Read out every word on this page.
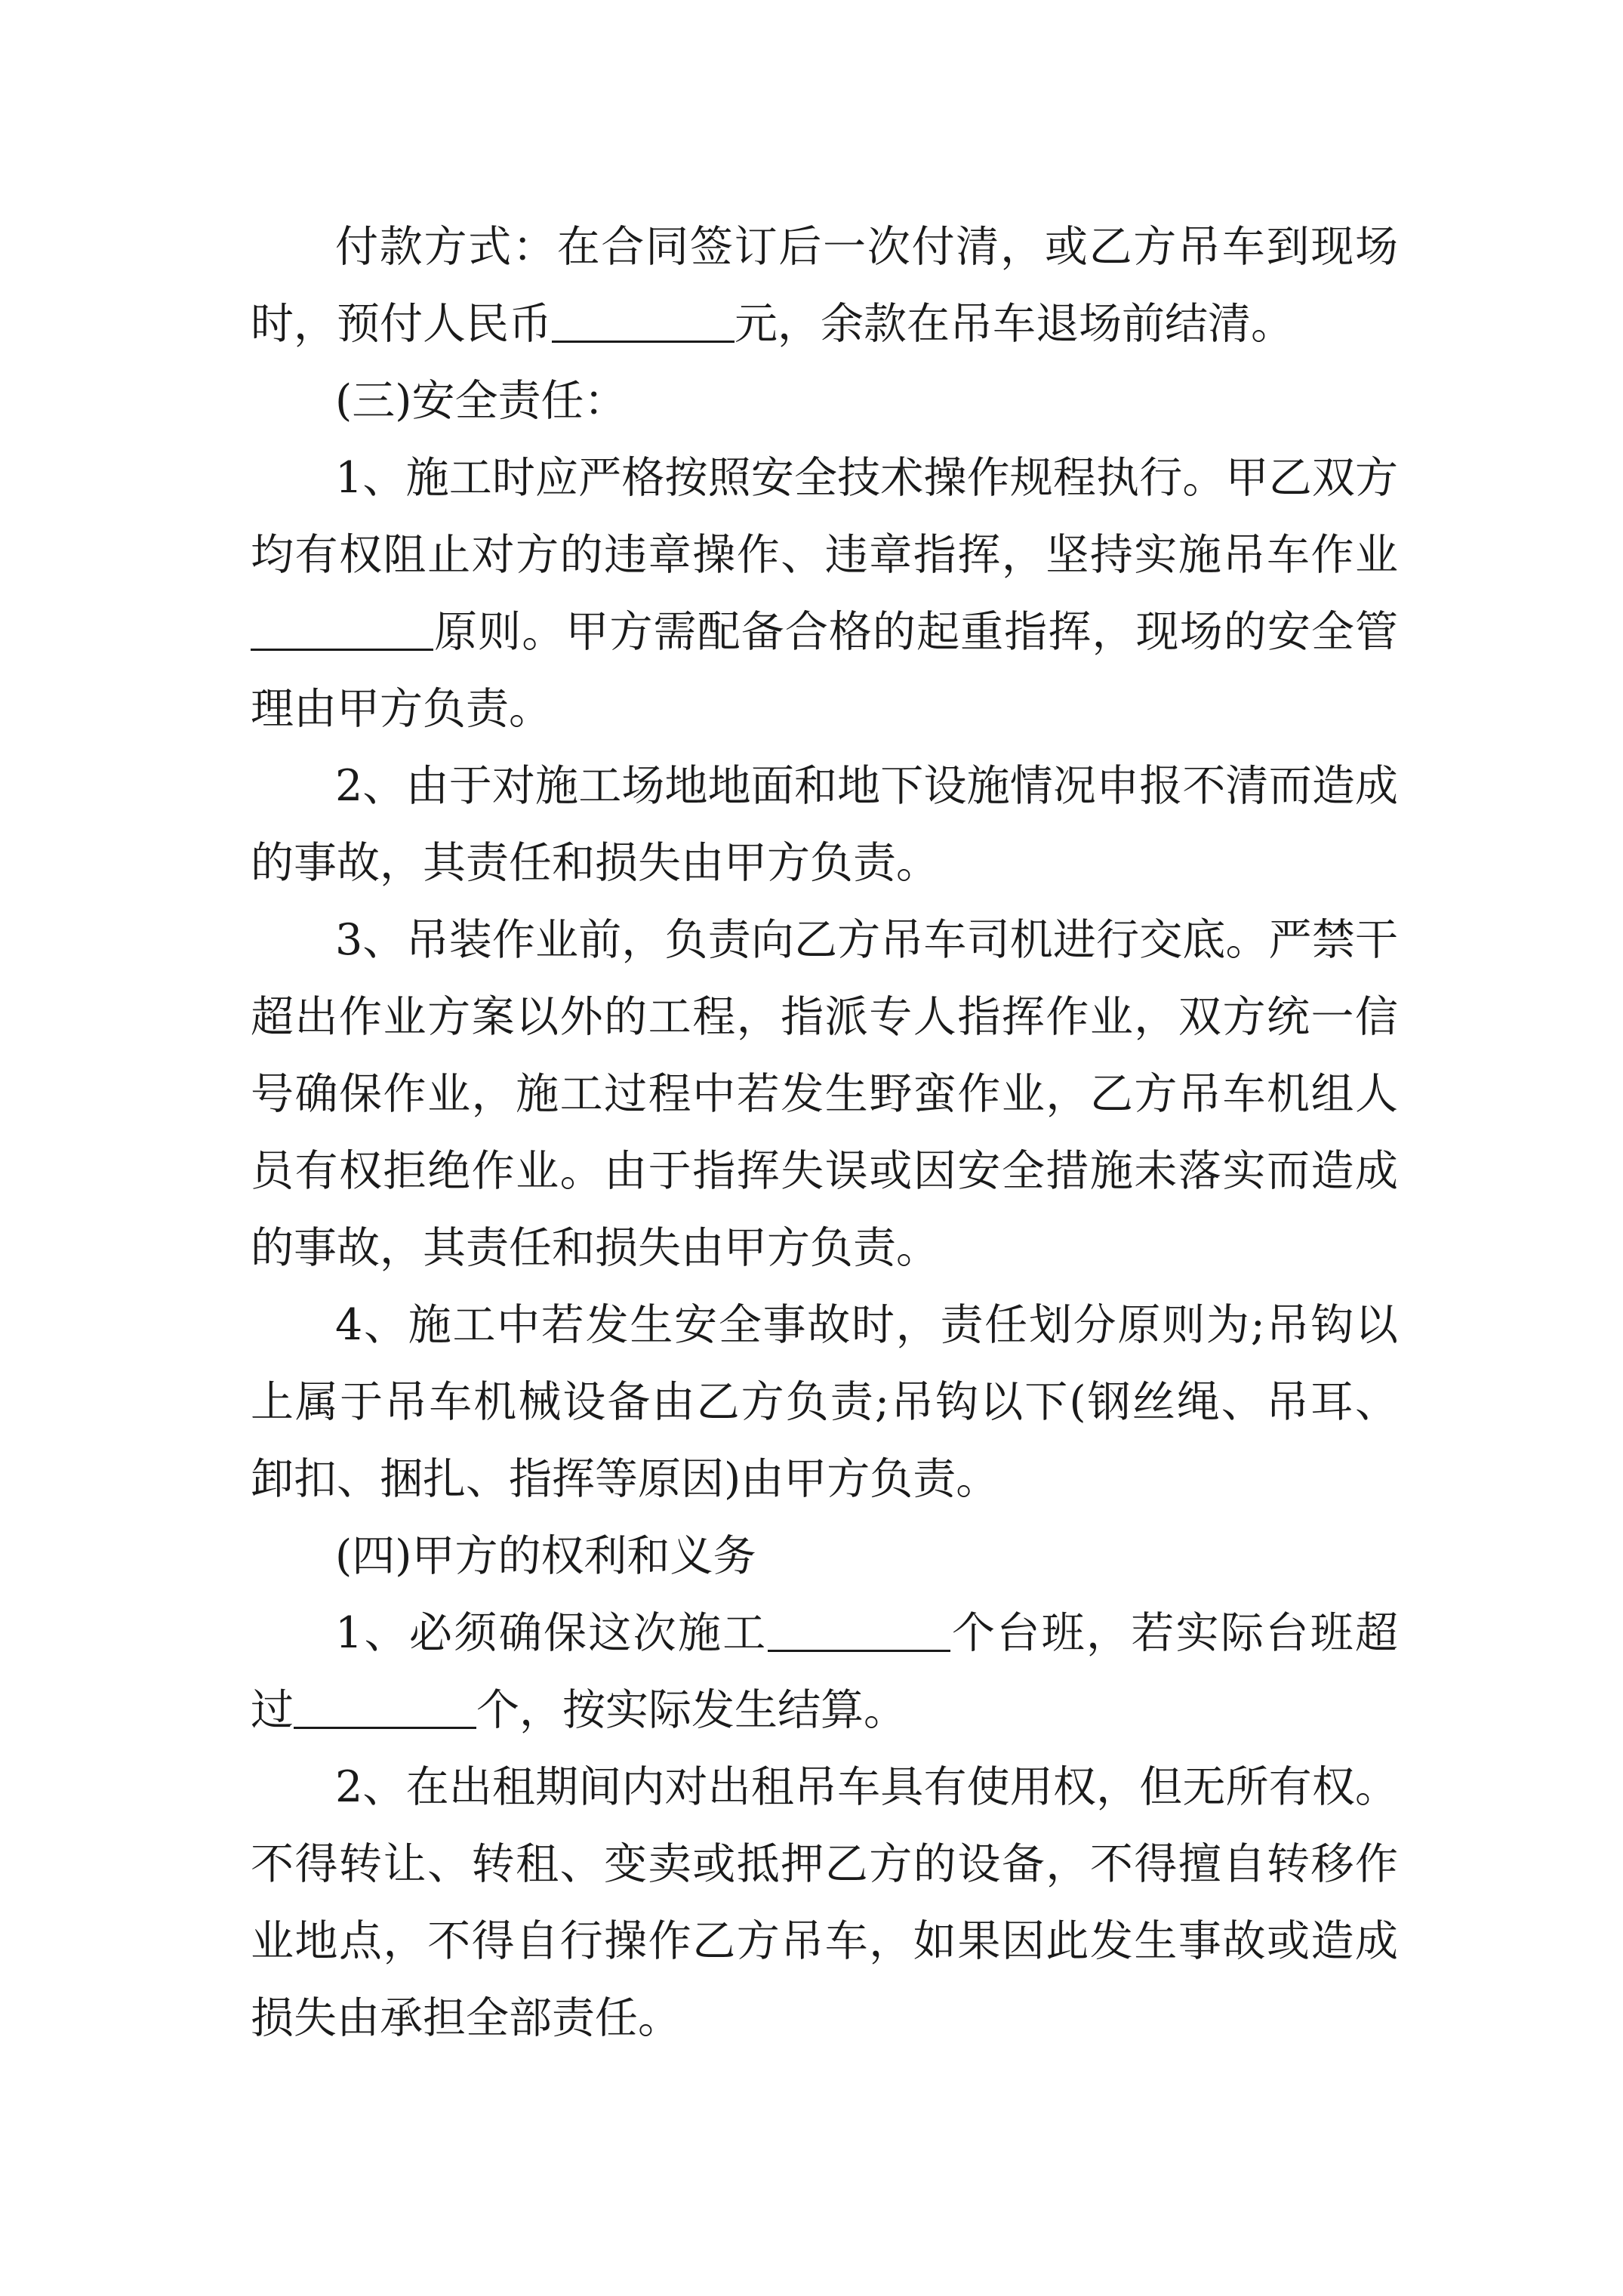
付款方式：在合同签订后一次付清，或乙方吊车到现场时，预付人民币	元，余款在吊车退场前结清。

(三)安全责任：

1、施工时应严格按照安全技术操作规程执行。甲乙双方均有权阻止对方的违章操作、违章指挥，坚持实施吊车作业原则。甲方需配备合格的起重指挥，现场的安全管理由甲方负责。

2、由于对施工场地地面和地下设施情况申报不清而造成的事故，其责任和损失由甲方负责。

3、吊装作业前，负责向乙方吊车司机进行交底。严禁干超出作业方案以外的工程，指派专人指挥作业，双方统一信号确保作业，施工过程中若发生野蛮作业，乙方吊车机组人员有权拒绝作业。由于指挥失误或因安全措施未落实而造成的事故，其责任和损失由甲方负责。

4、施工中若发生安全事故时，责任划分原则为;吊钩以上属于吊车机械设备由乙方负责;吊钩以下(钢丝绳、吊耳、卸扣、捆扎、指挥等原因)由甲方负责。

(四)甲方的权利和义务

1、必须确保这次施工	个台班，若实际台班超过	个，按实际发生结算。

2、在出租期间内对出租吊车具有使用权，但无所有权。不得转让、转租、变卖或抵押乙方的设备，不得擅自转移作业地点，不得自行操作乙方吊车，如果因此发生事故或造成损失由承担全部责任。
